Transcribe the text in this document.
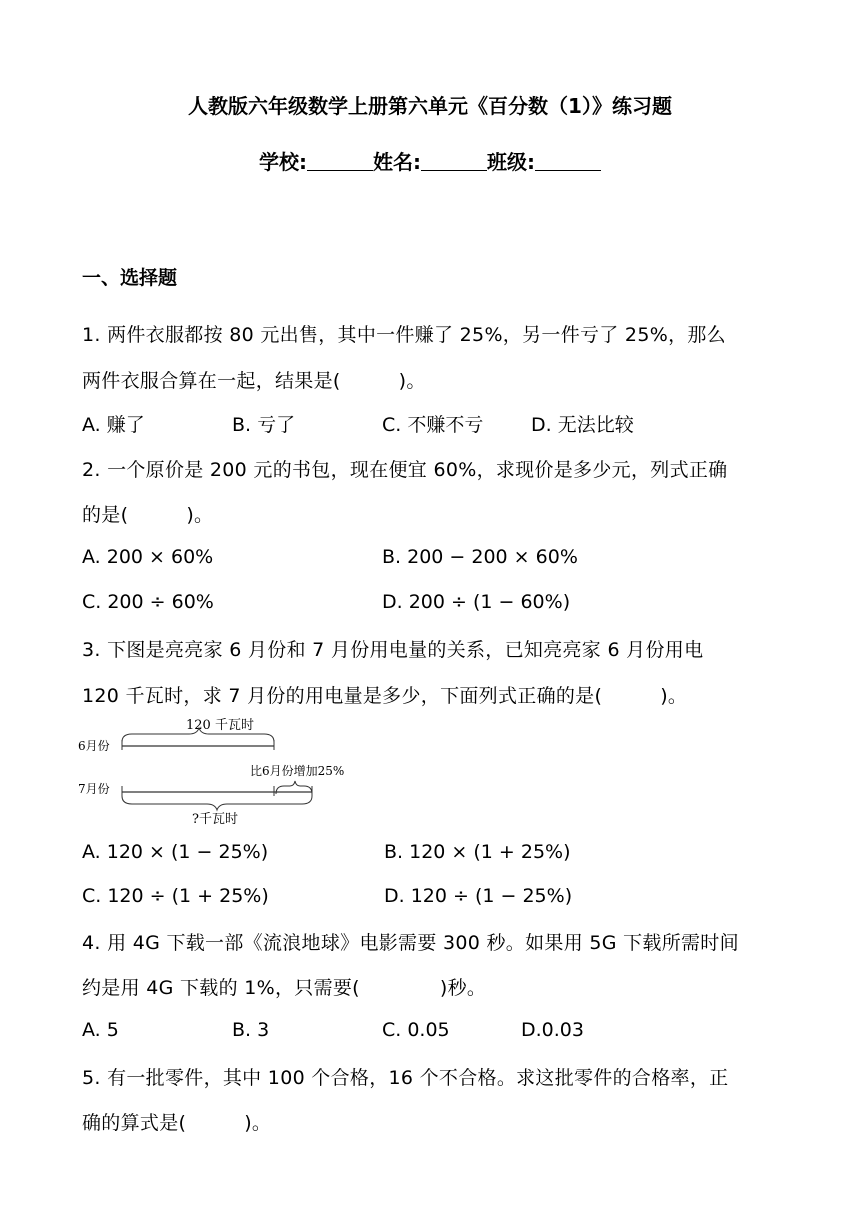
人教版六年级数学上册第六单元《百分数（1）》练习题
学校:	姓名:	班级:
一、选择题
1. 两件衣服都按 80 元出售，其中一件赚了 25%，另一件亏了 25%，那么
两件衣服合算在一起，结果是(	)。
A. 赚了	B. 亏了	C. 不赚不亏	D. 无法比较
2. 一个原价是 200 元的书包，现在便宜 60%，求现价是多少元，列式正确
的是(	)。
A. 200 × 60%	B. 200 − 200 × 60%
C. 200 ÷ 60%	D. 200 ÷ (1 − 60%)
3. 下图是亮亮家 6 月份和 7 月份用电量的关系，已知亮亮家 6 月份用电
120 千瓦时，求 7 月份的用电量是多少，下面列式正确的是(	)。
120 千瓦时
6月份
比6月份增加25%
7月份
?千瓦时
A. 120 × (1 − 25%)	B. 120 × (1 + 25%)
C. 120 ÷ (1 + 25%)	D. 120 ÷ (1 − 25%)
4. 用 4G 下载一部《流浪地球》电影需要 300 秒。如果用 5G 下载所需时间
约是用 4G 下载的 1%，只需要(	)秒。
A. 5	B. 3	C. 0.05	D.0.03
5. 有一批零件，其中 100 个合格，16 个不合格。求这批零件的合格率，正
确的算式是(	)。
